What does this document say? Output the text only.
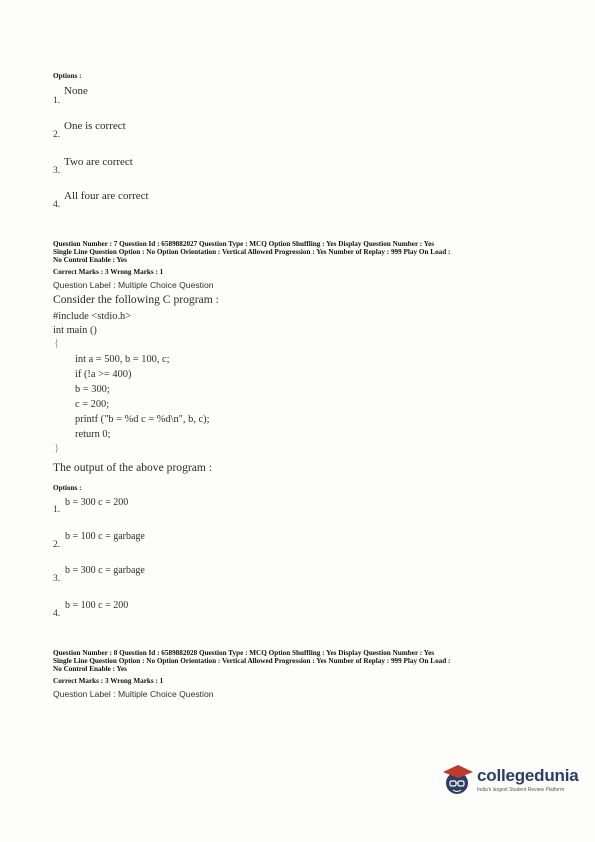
Options :
1.
None
2.
One is correct
3.
Two are correct
4.
All four are correct
Question Number : 7 Question Id : 6589882027 Question Type : MCQ Option Shuffling : Yes Display Question Number : Yes
Single Line Question Option : No Option Orientation : Vertical Allowed Progression : Yes Number of Replay : 999 Play On Load :
No Control Enable : Yes
Correct Marks : 3 Wrong Marks : 1
Question Label : Multiple Choice Question
Consider the following C program :
#include <stdio.h>
int main ()
{
int a = 500, b = 100, c;
if (!a >= 400)
b = 300;
c = 200;
printf ("b = %d c = %d\n", b, c);
return 0;
}
The output of the above program :
Options :
1.
b = 300 c = 200
2.
b = 100 c = garbage
3.
b = 300 c = garbage
4.
b = 100 c = 200
Question Number : 8 Question Id : 6589882028 Question Type : MCQ Option Shuffling : Yes Display Question Number : Yes
Single Line Question Option : No Option Orientation : Vertical Allowed Progression : Yes Number of Replay : 999 Play On Load :
No Control Enable : Yes
Correct Marks : 3 Wrong Marks : 1
Question Label : Multiple Choice Question
collegedunia
India's largest Student Review Platform
